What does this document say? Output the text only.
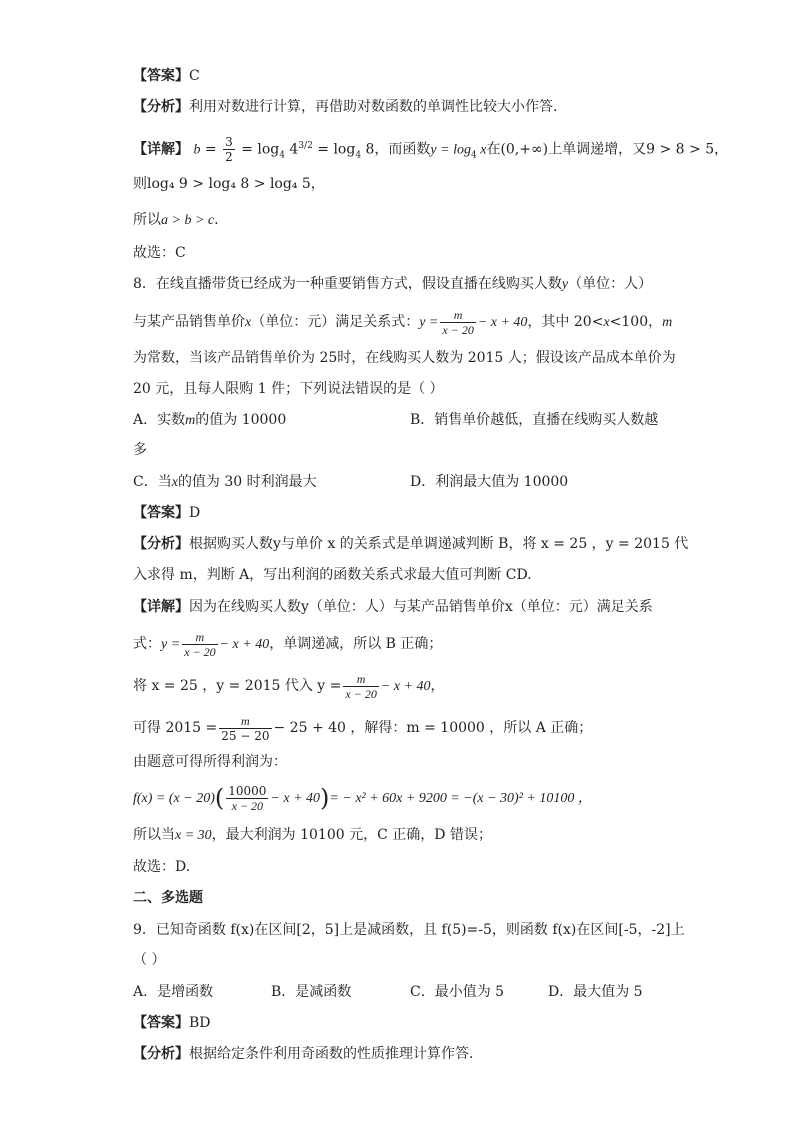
【答案】C
【分析】利用对数进行计算，再借助对数函数的单调性比较大小作答.
【详解】 $b = \frac{3}{2} = \log_4 4^{3/2} = \log_4 8$，而函数$y = \log_4 x$在(0,+∞)上单调递增，又9 > 8 > 5，
则log₄ 9 > log₄ 8 > log₄ 5，
所以a > b > c.
故选：C
8．在线直播带货已经成为一种重要销售方式，假设直播在线购买人数y（单位：人）
与某产品销售单价x（单位：元）满足关系式：$y = \frac{m}{x - 20} - x + 40$，其中 20<x<100，m
为常数，当该产品销售单价为 25时，在线购买人数为 2015 人；假设该产品成本单价为
20 元，且每人限购 1 件；下列说法错误的是（ ）
A．实数m的值为 10000	B．销售单价越低，直播在线购买人数越
多
C．当x的值为 30 时利润最大	D．利润最大值为 10000
【答案】D
【分析】根据购买人数y与单价 x 的关系式是单调递减判断 B，将 x = 25 ，y = 2015 代
入求得 m，判断 A，写出利润的函数关系式求最大值可判断 CD.
【详解】因为在线购买人数y（单位：人）与某产品销售单价x（单位：元）满足关系
式：$y = \frac{m}{x - 20} - x + 40$，单调递减，所以 B 正确；
将 x = 25 ，y = 2015 代入 $y = \frac{m}{x - 20} - x + 40$，
可得 $2015 = \frac{m}{25 - 20} - 25 + 40$ ，解得：m = 10000 ，所以 A 正确；
由题意可得所得利润为：
$f(x) = (x - 20)( \frac{10000}{x - 20} - x + 40)= - x^2 + 60x + 9200 = -(x - 30)^2 + 10100$ ，
所以当x = 30，最大利润为 10100 元，C 正确，D 错误；
故选：D.
二、多选题
9．已知奇函数 f(x)在区间[2，5]上是减函数，且 f(5)=-5，则函数 f(x)在区间[-5，-2]上
（ ）
A．是增函数	B．是减函数	C．最小值为 5	D．最大值为 5
【答案】BD
【分析】根据给定条件利用奇函数的性质推理计算作答.
